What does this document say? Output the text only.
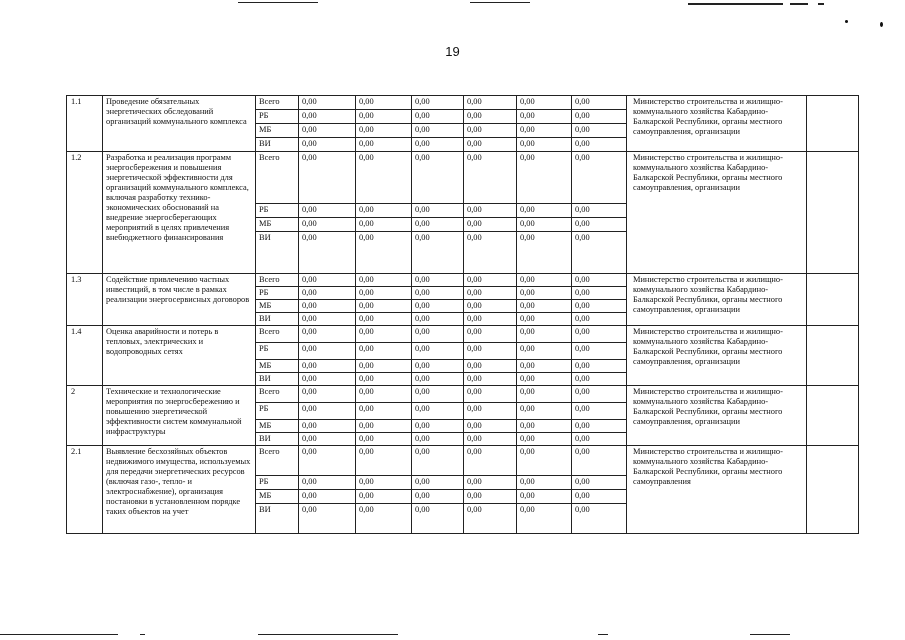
19
1.1	Проведение обязательных энергетических обследований организаций коммунального комплекса	Всего	0,00	0,00	0,00	0,00	0,00	0,00	Министерство строительства и жилищно-коммунального хозяйства Кабардино-Балкарской Республики, органы местного самоуправления, организации	
		РБ	0,00	0,00	0,00	0,00	0,00	0,00		
		МБ	0,00	0,00	0,00	0,00	0,00	0,00		
		ВИ	0,00	0,00	0,00	0,00	0,00	0,00		
1.2	Разработка и реализация программ энергосбережения и повышения энергетической эффективности для организаций коммунального комплекса, включая разработку технико-экономических обоснований на внедрение энергосберегающих мероприятий в целях привлечения внебюджетного финансирования	Всего	0,00	0,00	0,00	0,00	0,00	0,00	Министерство строительства и жилищно-коммунального хозяйства Кабардино-Балкарской Республики, органы местного самоуправления, организации	
		РБ	0,00	0,00	0,00	0,00	0,00	0,00		
		МБ	0,00	0,00	0,00	0,00	0,00	0,00		
		ВИ	0,00	0,00	0,00	0,00	0,00	0,00		
1.3	Содействие привлечению частных инвестиций, в том числе в рамках реализации энергосервисных договоров	Всего	0,00	0,00	0,00	0,00	0,00	0,00	Министерство строительства и жилищно-коммунального хозяйства Кабардино-Балкарской Республики, органы местного самоуправления, организации	
		РБ	0,00	0,00	0,00	0,00	0,00	0,00		
		МБ	0,00	0,00	0,00	0,00	0,00	0,00		
		ВИ	0,00	0,00	0,00	0,00	0,00	0,00		
1.4	Оценка аварийности и потерь в тепловых, электрических и водопроводных сетях	Всего	0,00	0,00	0,00	0,00	0,00	0,00	Министерство строительства и жилищно-коммунального хозяйства Кабардино-Балкарской Республики, органы местного самоуправления, организации	
		РБ	0,00	0,00	0,00	0,00	0,00	0,00		
		МБ	0,00	0,00	0,00	0,00	0,00	0,00		
		ВИ	0,00	0,00	0,00	0,00	0,00	0,00		
2	Технические и технологические мероприятия по энергосбережению и повышению энергетической эффективности систем коммунальной инфраструктуры	Всего	0,00	0,00	0,00	0,00	0,00	0,00	Министерство строительства и жилищно-коммунального хозяйства Кабардино-Балкарской Республики, органы местного самоуправления, организации	
		РБ	0,00	0,00	0,00	0,00	0,00	0,00		
		МБ	0,00	0,00	0,00	0,00	0,00	0,00		
		ВИ	0,00	0,00	0,00	0,00	0,00	0,00		
2.1	Выявление бесхозяйных объектов недвижимого имущества, используемых для передачи энергетических ресурсов (включая газо-, тепло- и электроснабжение), организация постановки в установленном порядке таких объектов на учет	Всего	0,00	0,00	0,00	0,00	0,00	0,00	Министерство строительства и жилищно-коммунального хозяйства Кабардино-Балкарской Республики, органы местного самоуправления	
		РБ	0,00	0,00	0,00	0,00	0,00	0,00		
		МБ	0,00	0,00	0,00	0,00	0,00	0,00		
		ВИ	0,00	0,00	0,00	0,00	0,00	0,00		
